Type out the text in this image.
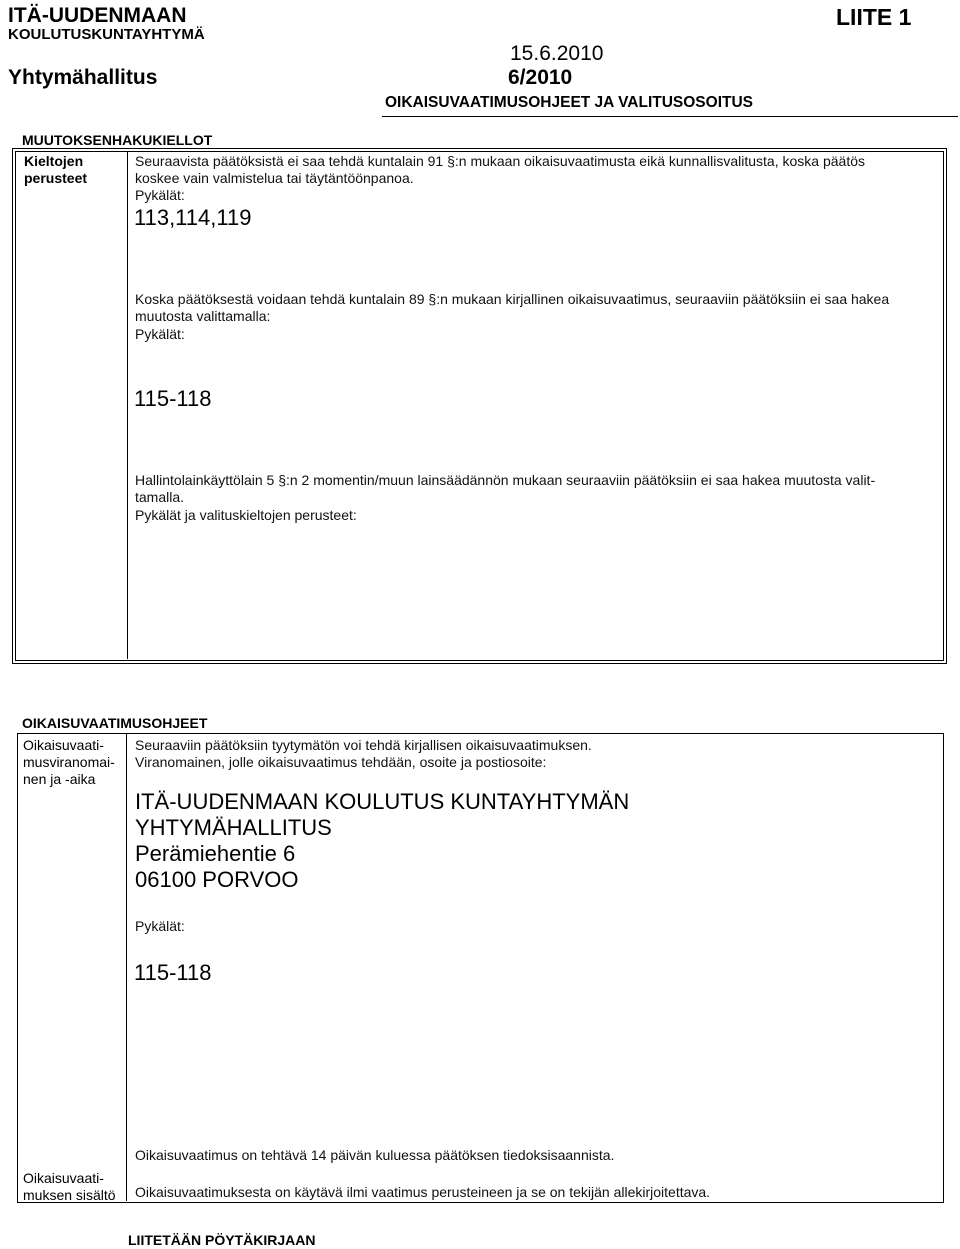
ITÄ-UUDENMAAN
KOULUTUSKUNTAYHTYMÄ
LIITE 1
15.6.2010
Yhtymähallitus	6/2010
OIKAISUVAATIMUSOHJEET JA VALITUSOSOITUS
MUUTOKSENHAKUKIELLOT
Kieltojen
perusteet
Seuraavista päätöksistä ei saa tehdä kuntalain 91 §:n mukaan oikaisuvaatimusta eikä kunnallisvalitusta, koska päätös
koskee vain valmistelua tai täytäntöönpanoa.
Pykälät:
113,114,119
Koska päätöksestä voidaan tehdä kuntalain 89 §:n mukaan kirjallinen oikaisuvaatimus, seuraaviin päätöksiin ei saa hakea
muutosta valittamalla:
Pykälät:
115-118
Hallintolainkäyttölain 5 §:n 2 momentin/muun lainsäädännön mukaan seuraaviin päätöksiin ei saa hakea muutosta valit-
tamalla.
Pykälät ja valituskieltojen perusteet:
OIKAISUVAATIMUSOHJEET
Oikaisuvaati-
musviranomai-
nen ja -aika
Seuraaviin päätöksiin tyytymätön voi tehdä kirjallisen oikaisuvaatimuksen.
Viranomainen, jolle oikaisuvaatimus tehdään, osoite ja postiosoite:
ITÄ-UUDENMAAN KOULUTUS KUNTAYHTYMÄN
YHTYMÄHALLITUS
Perämiehentie 6
06100 PORVOO
Pykälät:
115-118
Oikaisuvaatimus on tehtävä 14 päivän kuluessa päätöksen tiedoksisaannista.
Oikaisuvaati-
muksen sisältö Oikaisuvaatimuksesta on käytävä ilmi vaatimus perusteineen ja se on tekijän allekirjoitettava.
LIITETÄÄN PÖYTÄKIRJAAN
